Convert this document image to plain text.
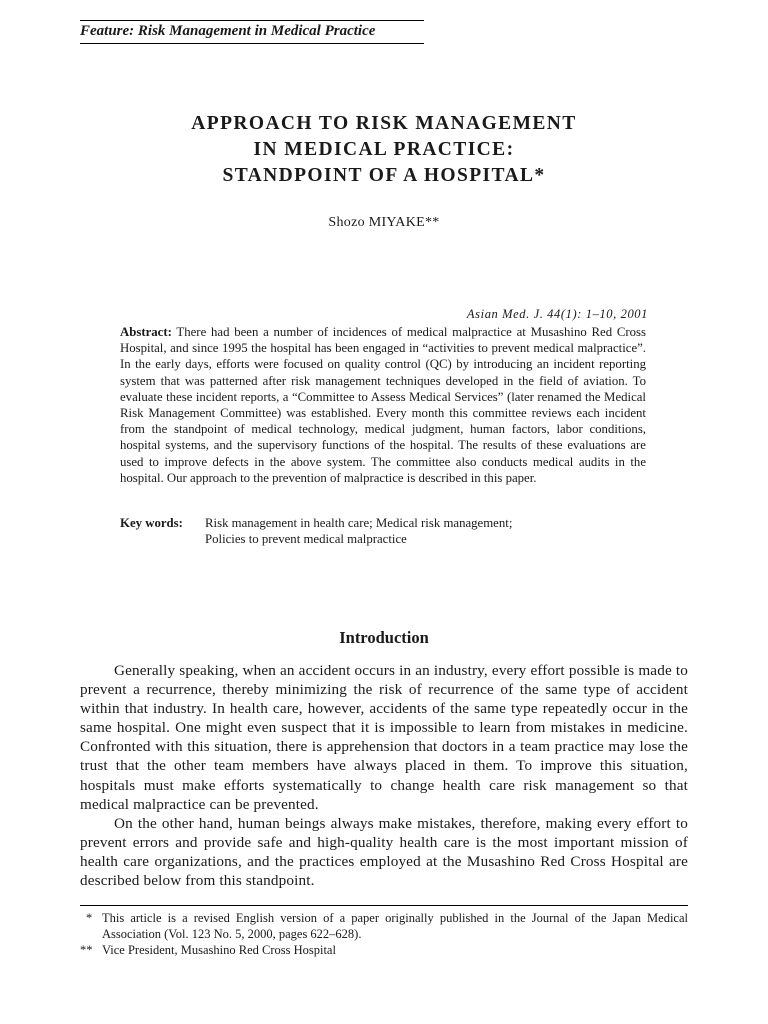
Feature: Risk Management in Medical Practice
APPROACH TO RISK MANAGEMENT
IN MEDICAL PRACTICE:
STANDPOINT OF A HOSPITAL*
Shozo MIYAKE**
Asian Med. J. 44(1): 1–10, 2001
Abstract: There had been a number of incidences of medical malpractice at Musashino Red Cross Hospital, and since 1995 the hospital has been engaged in “activities to prevent medical malpractice”. In the early days, efforts were focused on quality control (QC) by introducing an incident reporting system that was patterned after risk management techniques developed in the field of aviation. To evaluate these incident reports, a “Committee to Assess Medical Services” (later renamed the Medical Risk Management Committee) was established. Every month this committee reviews each incident from the standpoint of medical technology, medical judgment, human factors, labor conditions, hospital systems, and the supervisory functions of the hospital. The results of these evaluations are used to improve defects in the above system. The committee also conducts medical audits in the hospital. Our approach to the prevention of malpractice is described in this paper.
Key words:	Risk management in health care; Medical risk management;
Policies to prevent medical malpractice
Introduction

Generally speaking, when an accident occurs in an industry, every effort possible is made to prevent a recurrence, thereby minimizing the risk of recurrence of the same type of accident within that industry. In health care, however, accidents of the same type repeatedly occur in the same hospital. One might even suspect that it is impossible to learn from mistakes in medicine. Confronted with this situation, there is apprehension that doctors in a team practice may lose the trust that the other team members have always placed in them. To improve this situation, hospitals must make efforts systematically to change health care risk management so that medical malpractice can be prevented.

On the other hand, human beings always make mistakes, therefore, making every effort to prevent errors and provide safe and high-quality health care is the most important mission of health care organizations, and the practices employed at the Musashino Red Cross Hospital are described below from this standpoint.

* This article is a revised English version of a paper originally published in the Journal of the Japan Medical Association (Vol. 123 No. 5, 2000, pages 622–628).
** Vice President, Musashino Red Cross Hospital
